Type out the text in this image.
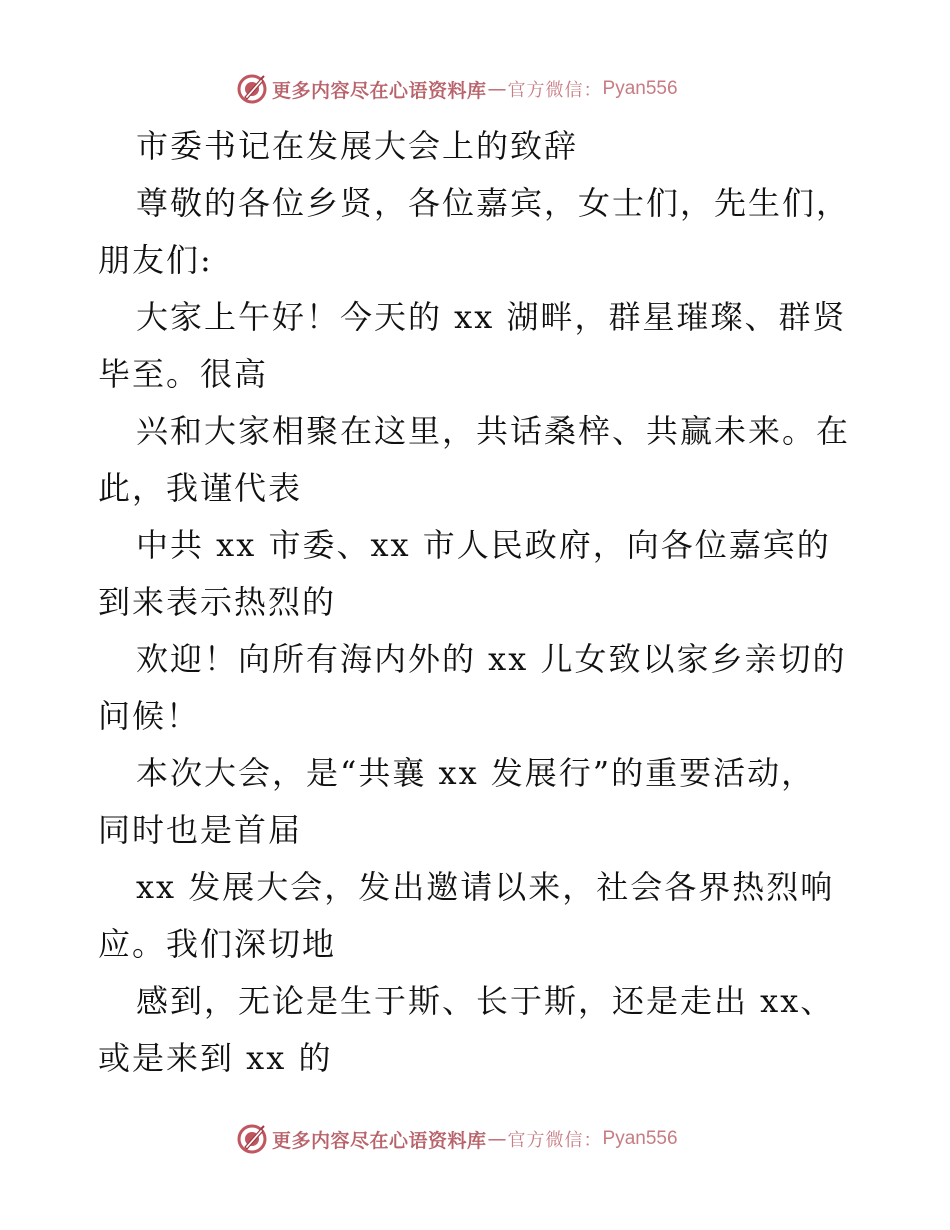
更多内容尽在心语资料库 — 官方微信： Pyan556
市委书记在发展大会上的致辞
尊敬的各位乡贤，各位嘉宾，女士们，先生们，
朋友们:
大家上午好！今天的 xx 湖畔，群星璀璨、群贤
毕至。很高
兴和大家相聚在这里，共话桑梓、共赢未来。在
此，我谨代表
中共 xx 市委、xx 市人民政府，向各位嘉宾的
到来表示热烈的
欢迎！向所有海内外的 xx 儿女致以家乡亲切的
问候！
本次大会，是“共襄 xx 发展行”的重要活动，
同时也是首届
xx 发展大会，发出邀请以来，社会各界热烈响
应。我们深切地
感到，无论是生于斯、长于斯，还是走出 xx、
或是来到 xx 的
更多内容尽在心语资料库 — 官方微信： Pyan556
